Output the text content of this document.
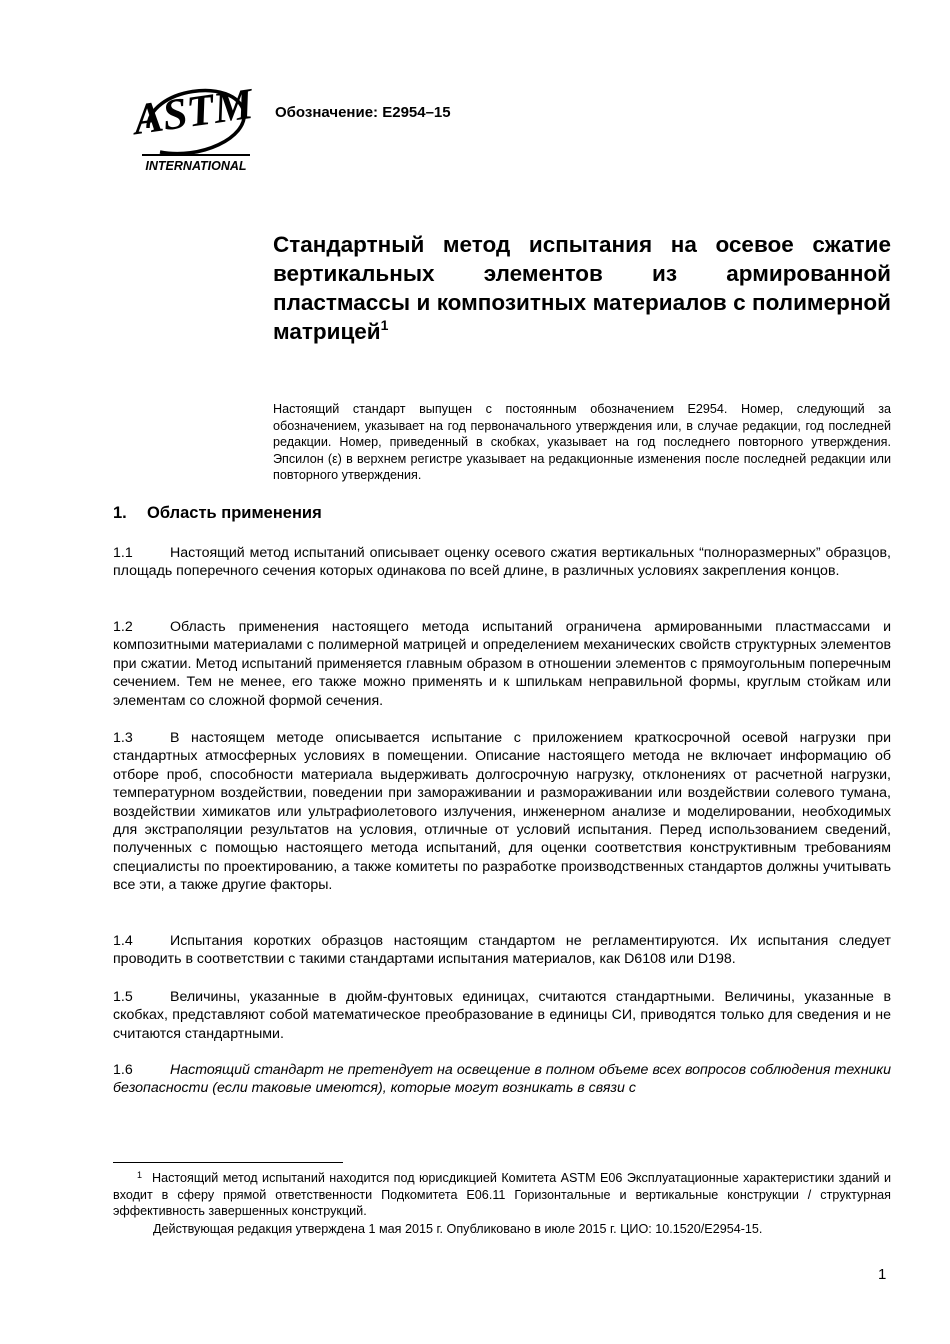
ASTM
INTERNATIONAL
Обозначение: E2954–15
Стандартный метод испытания на осевое сжатие вертикальных элементов из армированной пластмассы и композитных материалов с полимерной матрицей$^1$

Настоящий стандарт выпущен с постоянным обозначением E2954. Номер, следующий за обозначением, указывает на год первоначального утверждения или, в случае редакции, год последней редакции. Номер, приведенный в скобках, указывает на год последнего повторного утверждения. Эпсилон (ε) в верхнем регистре указывает на редакционные изменения после последней редакции или повторного утверждения.

1. Область применения

1.1	Настоящий метод испытаний описывает оценку осевого сжатия вертикальных “полноразмерных” образцов, площадь поперечного сечения которых одинакова по всей длине, в различных условиях закрепления концов.

1.2	Область применения настоящего метода испытаний ограничена армированными пластмассами и композитными материалами с полимерной матрицей и определением механических свойств структурных элементов при сжатии. Метод испытаний применяется главным образом в отношении элементов с прямоугольным поперечным сечением. Тем не менее, его также можно применять и к шпилькам неправильной формы, круглым стойкам или элементам со сложной формой сечения.

1.3	В настоящем методе описывается испытание с приложением краткосрочной осевой нагрузки при стандартных атмосферных условиях в помещении. Описание настоящего метода не включает информацию об отборе проб, способности материала выдерживать долгосрочную нагрузку, отклонениях от расчетной нагрузки, температурном воздействии, поведении при замораживании и размораживании или воздействии солевого тумана, воздействии химикатов или ультрафиолетового излучения, инженерном анализе и моделировании, необходимых для экстраполяции результатов на условия, отличные от условий испытания. Перед использованием сведений, полученных с помощью настоящего метода испытаний, для оценки соответствия конструктивным требованиям специалисты по проектированию, а также комитеты по разработке производственных стандартов должны учитывать все эти, а также другие факторы.

1.4	Испытания коротких образцов настоящим стандартом не регламентируются. Их испытания следует проводить в соответствии с такими стандартами испытания материалов, как D6108 или D198.

1.5	Величины, указанные в дюйм-фунтовых единицах, считаются стандартными. Величины, указанные в скобках, представляют собой математическое преобразование в единицы СИ, приводятся только для сведения и не считаются стандартными.

1.6	Настоящий стандарт не претендует на освещение в полном объеме всех вопросов соблюдения техники безопасности (если таковые имеются), которые могут возникать в связи с

$^1$ Настоящий метод испытаний находится под юрисдикцией Комитета ASTM E06 Эксплуатационные характеристики зданий и входит в сферу прямой ответственности Подкомитета E06.11 Горизонтальные и вертикальные конструкции / структурная эффективность завершенных конструкций.

Действующая редакция утверждена 1 мая 2015 г. Опубликовано в июле 2015 г. ЦИО: 10.1520/E2954-15.

1
